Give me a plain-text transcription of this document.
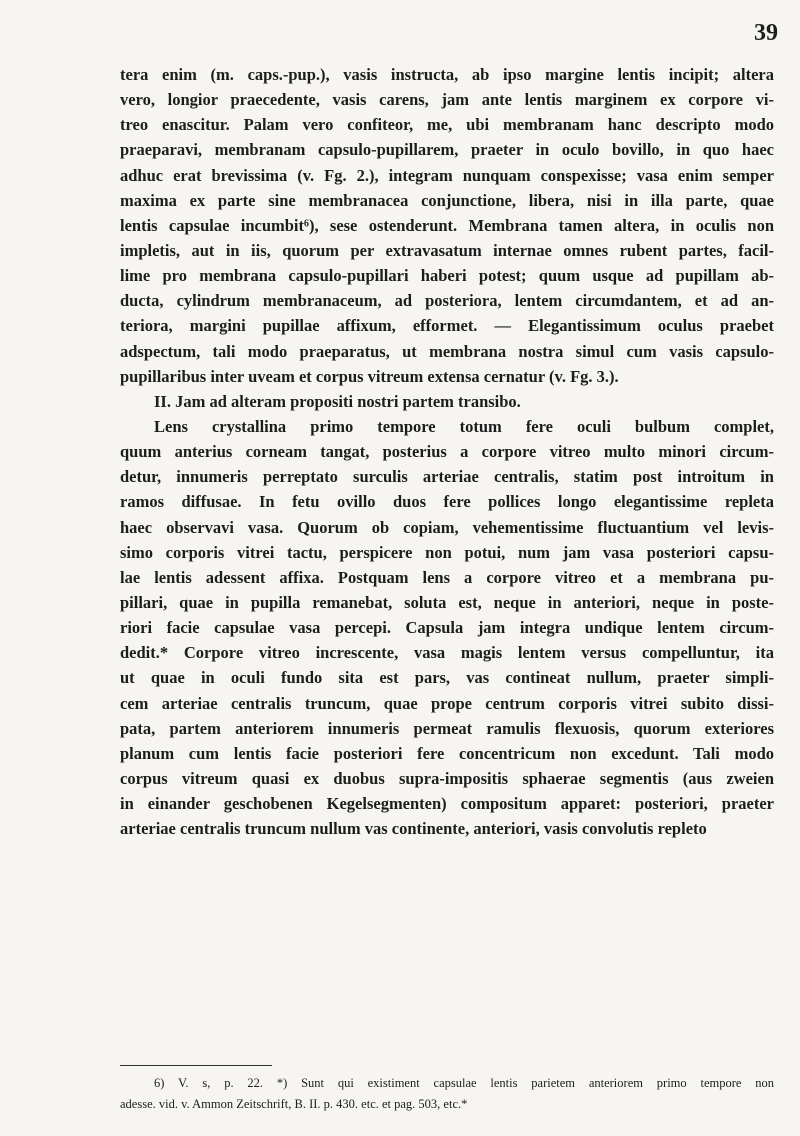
39
tera enim (m. caps.-pup.), vasis instructa, ab ipso margine lentis incipit; altera
vero, longior praecedente, vasis carens, jam ante lentis marginem ex corpore vi-
treo enascitur. Palam vero confiteor, me, ubi membranam hanc descripto modo
praeparavi, membranam capsulo-pupillarem, praeter in oculo bovillo, in quo haec
adhuc erat brevissima (v. Fg. 2.), integram nunquam conspexisse; vasa enim semper
maxima ex parte sine membranacea conjunctione, libera, nisi in illa parte, quae
lentis capsulae incumbit⁶), sese ostenderunt. Membrana tamen altera, in oculis non
impletis, aut in iis, quorum per extravasatum internae omnes rubent partes, facil-
lime pro membrana capsulo-pupillari haberi potest; quum usque ad pupillam ab-
ducta, cylindrum membranaceum, ad posteriora, lentem circumdantem, et ad an-
teriora, margini pupillae affixum, efformet. — Elegantissimum oculus praebet
adspectum, tali modo praeparatus, ut membrana nostra simul cum vasis capsulo-
pupillaribus inter uveam et corpus vitreum extensa cernatur (v. Fg. 3.).
II. Jam ad alteram propositi nostri partem transibo.
Lens crystallina primo tempore totum fere oculi bulbum complet,
quum anterius corneam tangat, posterius a corpore vitreo multo minori circum-
detur, innumeris perreptato surculis arteriae centralis, statim post introitum in
ramos diffusae. In fetu ovillo duos fere pollices longo elegantissime repleta
haec observavi vasa. Quorum ob copiam, vehementissime fluctuantium vel levis-
simo corporis vitrei tactu, perspicere non potui, num jam vasa posteriori capsu-
lae lentis adessent affixa. Postquam lens a corpore vitreo et a membrana pu-
pillari, quae in pupilla remanebat, soluta est, neque in anteriori, neque in poste-
riori facie capsulae vasa percepi. Capsula jam integra undique lentem circum-
dedit.* Corpore vitreo increscente, vasa magis lentem versus compelluntur, ita
ut quae in oculi fundo sita est pars, vas contineat nullum, praeter simpli-
cem arteriae centralis truncum, quae prope centrum corporis vitrei subito dissi-
pata, partem anteriorem innumeris permeat ramulis flexuosis, quorum exteriores
planum cum lentis facie posteriori fere concentricum non excedunt. Tali modo
corpus vitreum quasi ex duobus supra-impositis sphaerae segmentis (aus zweien
in einander geschobenen Kegelsegmenten) compositum apparet: posteriori, praeter
arteriae centralis truncum nullum vas continente, anteriori, vasis convolutis repleto
6) V. s, p. 22. *) Sunt qui existiment capsulae lentis parietem anteriorem primo tempore non
adesse. vid. v. Ammon Zeitschrift, B. II. p. 430. etc. et pag. 503, etc.*
